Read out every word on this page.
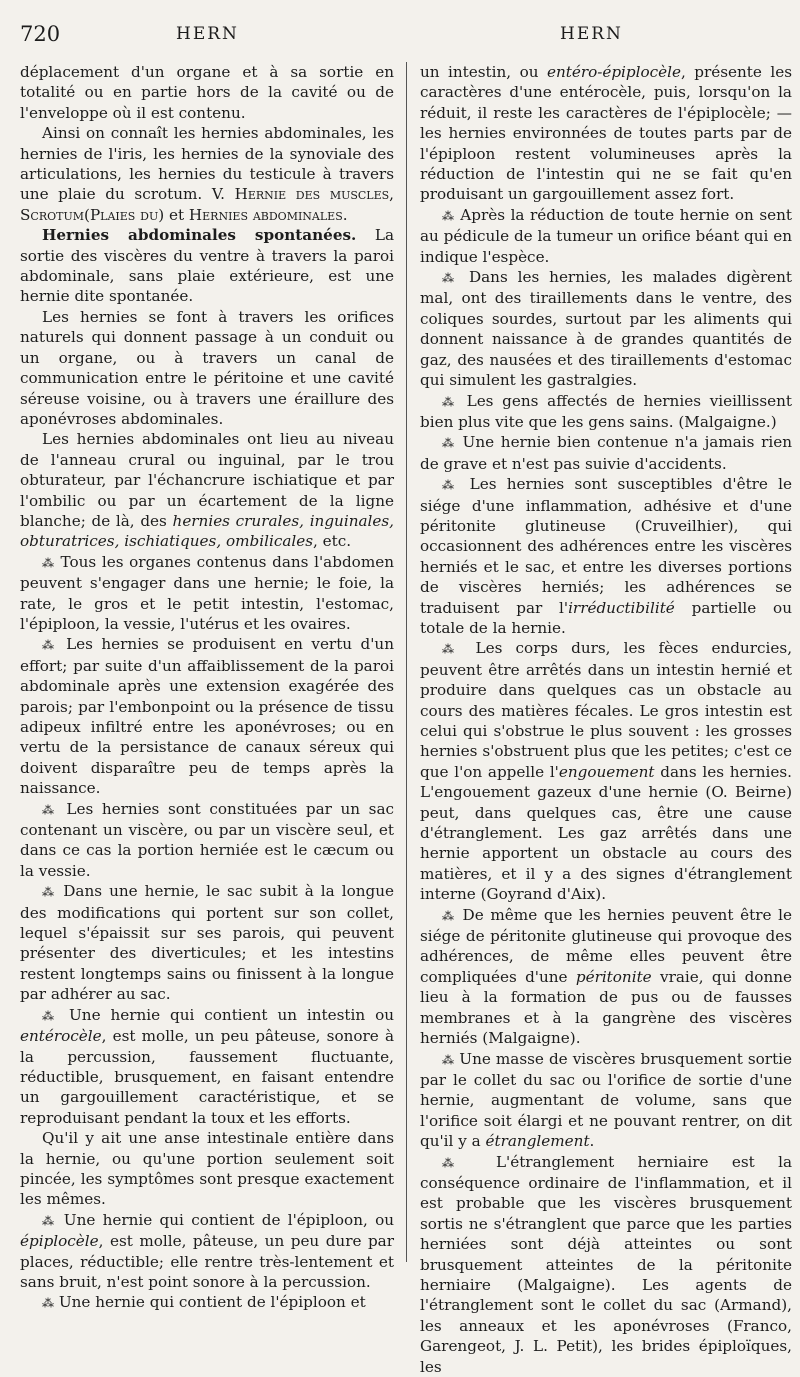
720	HERN	HERN

déplacement d'un organe et à sa sortie en totalité ou en partie hors de la cavité ou de l'enveloppe où il est contenu.

Ainsi on connaît les hernies abdominales, les hernies de l'iris, les hernies de la synoviale des articulations, les hernies du testicule à travers une plaie du scrotum. V. Hernie des muscles, Scrotum(Plaies du) et Hernies abdominales.

Hernies abdominales spontanées. La sortie des viscères du ventre à travers la paroi abdominale, sans plaie extérieure, est une hernie dite spontanée.

Les hernies se font à travers les orifices naturels qui donnent passage à un conduit ou un organe, ou à travers un canal de communication entre le péritoine et une cavité séreuse voisine, ou à travers une éraillure des aponévroses abdominales.

Les hernies abdominales ont lieu au niveau de l'anneau crural ou inguinal, par le trou obturateur, par l'échancrure ischiatique et par l'ombilic ou par un écartement de la ligne blanche; de là, des hernies crurales, inguinales, obturatrices, ischiatiques, ombilicales, etc.

⁂ Tous les organes contenus dans l'abdomen peuvent s'engager dans une hernie; le foie, la rate, le gros et le petit intestin, l'estomac, l'épiploon, la vessie, l'utérus et les ovaires.

⁂ Les hernies se produisent en vertu d'un effort; par suite d'un affaiblissement de la paroi abdominale après une extension exagérée des parois; par l'embonpoint ou la présence de tissu adipeux infiltré entre les aponévroses; ou en vertu de la persistance de canaux séreux qui doivent disparaître peu de temps après la naissance.

⁂ Les hernies sont constituées par un sac contenant un viscère, ou par un viscère seul, et dans ce cas la portion herniée est le cæcum ou la vessie.

⁂ Dans une hernie, le sac subit à la longue des modifications qui portent sur son collet, lequel s'épaissit sur ses parois, qui peuvent présenter des diverticules; et les intestins restent longtemps sains ou finissent à la longue par adhérer au sac.

⁂ Une hernie qui contient un intestin ou entérocèle, est molle, un peu pâteuse, sonore à la percussion, faussement fluctuante, réductible, brusquement, en faisant entendre un gargouillement caractéristique, et se reproduisant pendant la toux et les efforts.

Qu'il y ait une anse intestinale entière dans la hernie, ou qu'une portion seulement soit pincée, les symptômes sont presque exactement les mêmes.

⁂ Une hernie qui contient de l'épiploon, ou épiplocèle, est molle, pâteuse, un peu dure par places, réductible; elle rentre très-lentement et sans bruit, n'est point sonore à la percussion.

⁂ Une hernie qui contient de l'épiploon et

un intestin, ou entéro-épiplocèle, présente les caractères d'une entérocèle, puis, lorsqu'on la réduit, il reste les caractères de l'épiplocèle; —les hernies environnées de toutes parts par de l'épiploon restent volumineuses après la réduction de l'intestin qui ne se fait qu'en produisant un gargouillement assez fort.

⁂ Après la réduction de toute hernie on sent au pédicule de la tumeur un orifice béant qui en indique l'espèce.

⁂ Dans les hernies, les malades digèrent mal, ont des tiraillements dans le ventre, des coliques sourdes, surtout par les aliments qui donnent naissance à de grandes quantités de gaz, des nausées et des tiraillements d'estomac qui simulent les gastralgies.

⁂ Les gens affectés de hernies vieillissent bien plus vite que les gens sains. (Malgaigne.)

⁂ Une hernie bien contenue n'a jamais rien de grave et n'est pas suivie d'accidents.

⁂ Les hernies sont susceptibles d'être le siége d'une inflammation, adhésive et d'une péritonite glutineuse (Cruveilhier), qui occasionnent des adhérences entre les viscères herniés et le sac, et entre les diverses portions de viscères herniés; les adhérences se traduisent par l'irréductibilité partielle ou totale de la hernie.

⁂ Les corps durs, les fèces endurcies, peuvent être arrêtés dans un intestin hernié et produire dans quelques cas un obstacle au cours des matières fécales. Le gros intestin est celui qui s'obstrue le plus souvent : les grosses hernies s'obstruent plus que les petites; c'est ce que l'on appelle l'engouement dans les hernies. L'engouement gazeux d'une hernie (O. Beirne) peut, dans quelques cas, être une cause d'étranglement. Les gaz arrêtés dans une hernie apportent un obstacle au cours des matières, et il y a des signes d'étranglement interne (Goyrand d'Aix).

⁂ De même que les hernies peuvent être le siége de péritonite glutineuse qui provoque des adhérences, de même elles peuvent être compliquées d'une péritonite vraie, qui donne lieu à la formation de pus ou de fausses membranes et à la gangrène des viscères herniés (Malgaigne).

⁂ Une masse de viscères brusquement sortie par le collet du sac ou l'orifice de sortie d'une hernie, augmentant de volume, sans que l'orifice soit élargi et ne pouvant rentrer, on dit qu'il y a étranglement.

⁂ L'étranglement herniaire est la conséquence ordinaire de l'inflammation, et il est probable que les viscères brusquement sortis ne s'étranglent que parce que les parties herniées sont déjà atteintes ou sont brusquement atteintes de la péritonite herniaire (Malgaigne). Les agents de l'étranglement sont le collet du sac (Armand), les anneaux et les aponévroses (Franco, Garengeot, J. L. Petit), les brides épiploïques, les
